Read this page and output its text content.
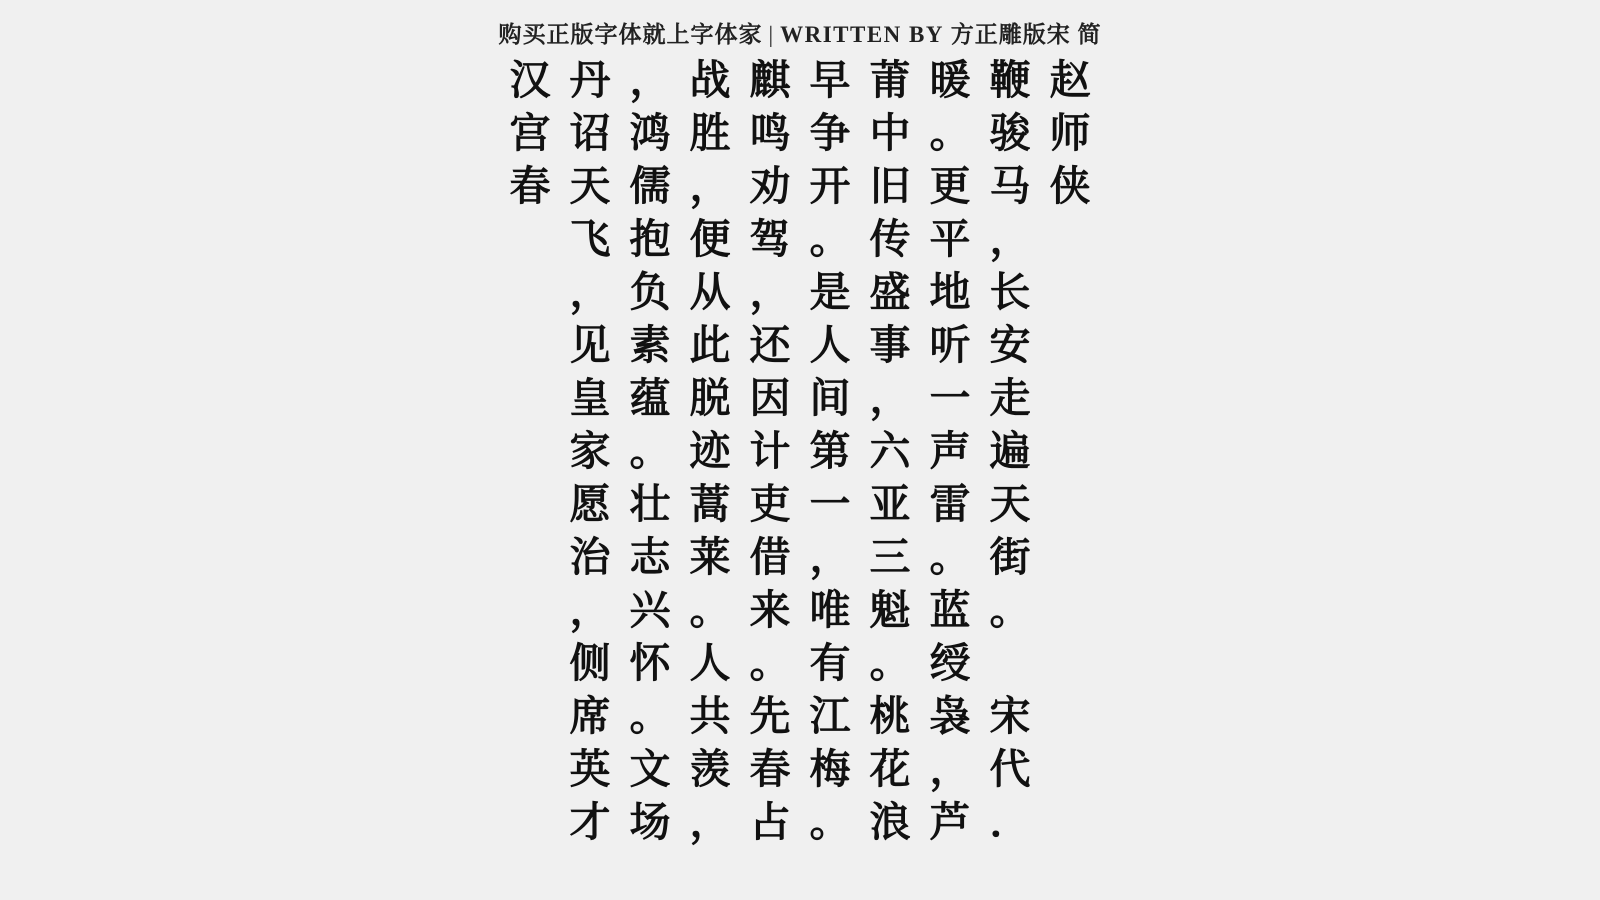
购买正版字体就上字体家 | WRITTEN BY 方正雕版宋 简
汉
宫
春

丹
诏
天
飞
，
见
皇
家
愿
治
，
侧
席
英
才

，
鸿
儒
抱
负
素
蕴
。
壮
志
兴
怀
。
文
场

战
胜
，
便
从
此
脱
迹
蒿
莱
。
人
共
羡
，

麒
鸣
劝
驾
，
还
因
计
吏
借
来
。
先
春
占

早
争
开
。
是
人
间
第
一
，
唯
有
江
梅
。

莆
中
旧
传
盛
事
，
六
亚
三
魁
。
桃
花
浪

暖
。
更
平
地
听
一
声
雷
。
蓝
绶
袅
，
芦

鞭
骏
马
，
长
安
走
遍
天
街
。

宋
代
．

赵
师
侠
